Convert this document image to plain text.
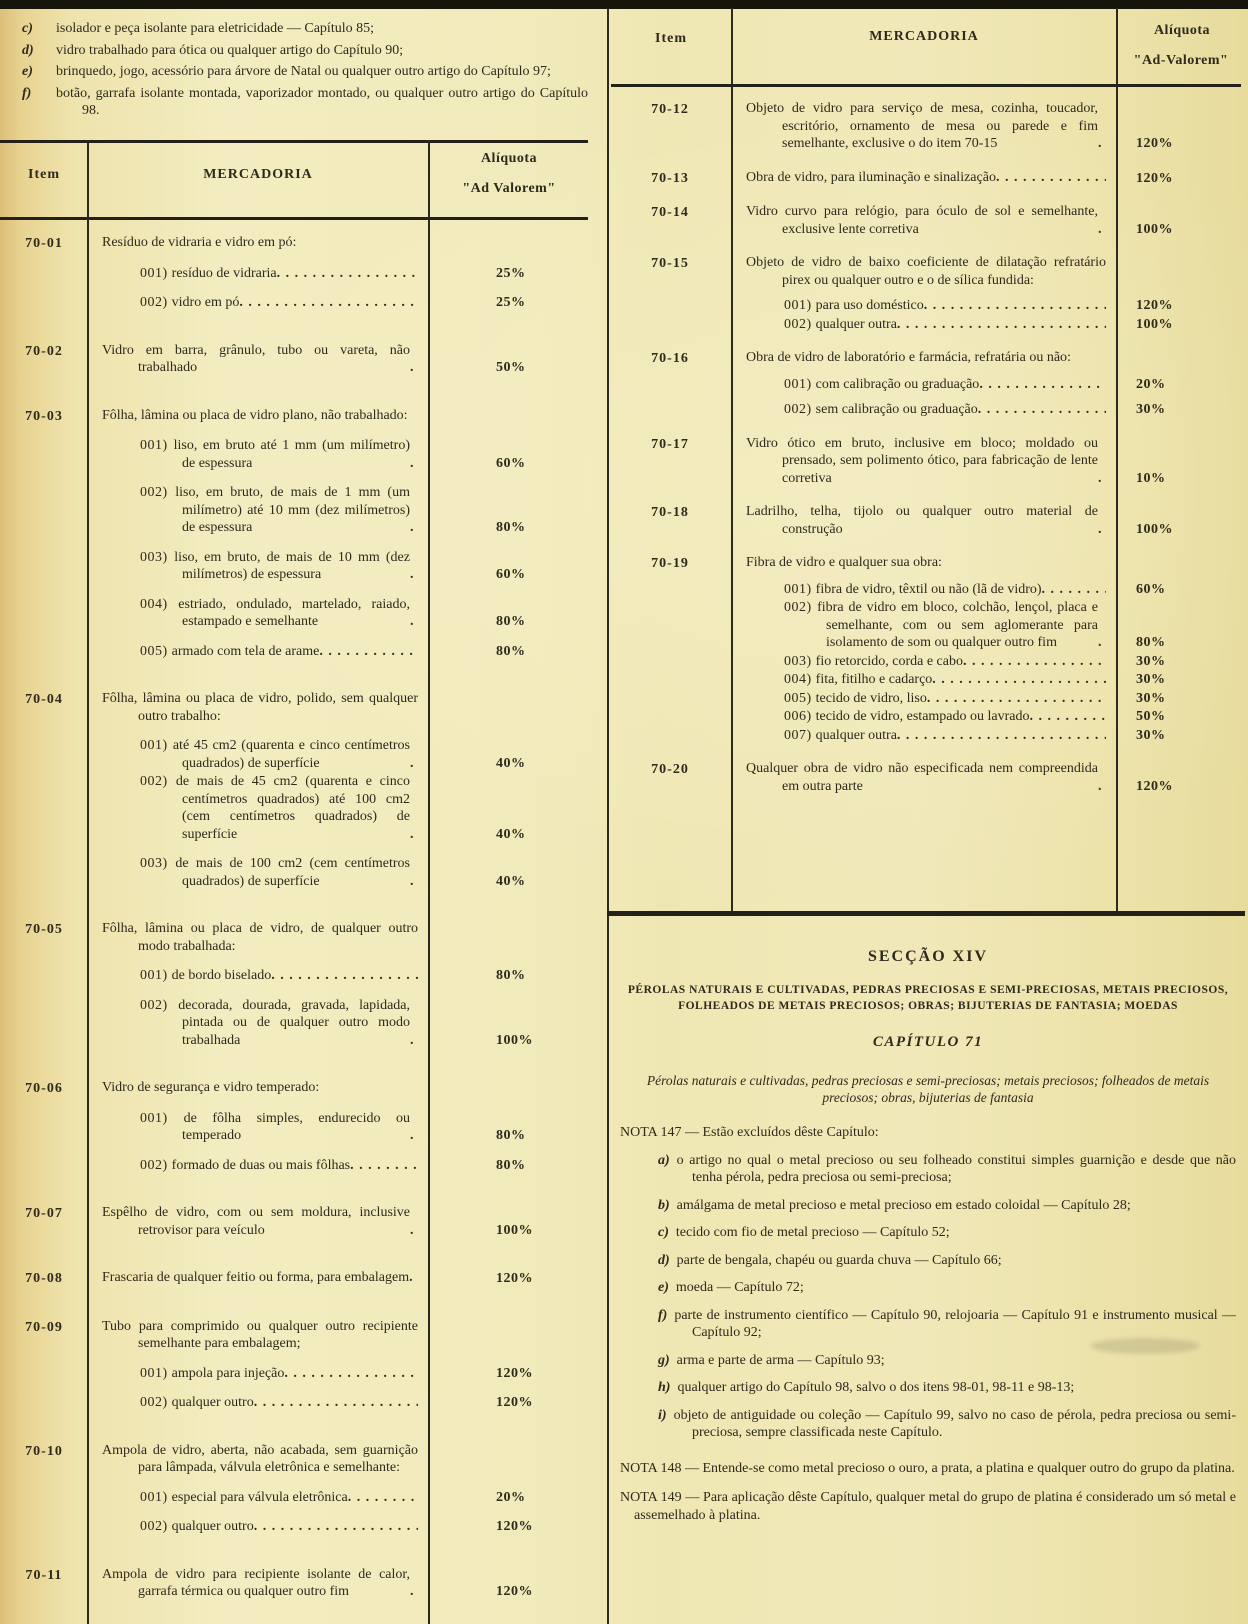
c)	isolador e peça isolante para eletricidade — Capítulo 85;
d)	vidro trabalhado para ótica ou qualquer artigo do Capítulo 90;
e)	brinquedo, jogo, acessório para árvore de Natal ou qualquer outro artigo do Capítulo 97;
f)	botão, garrafa isolante montada, vaporizador montado, ou qualquer outro artigo do Capítulo 98.
Item	MERCADORIA
Alíquota
"Ad Valorem"
70-01	Resíduo de vidraria e vidro em pó:
001) resíduo de vidraria . . .	25%
002) vidro em pó . . .	25%
70-02	Vidro em barra, grânulo, tubo ou vareta, não trabalhado . . .	50%
70-03	Fôlha, lâmina ou placa de vidro plano, não trabalhado:
001) liso, em bruto até 1 mm (um milímetro) de espessura . . .	60%
002) liso, em bruto, de mais de 1 mm (um milímetro) até 10 mm (dez milímetros) de espessura . . .	80%
003) liso, em bruto, de mais de 10 mm (dez milímetros) de espessura . . .	60%
004) estriado, ondulado, martelado, raiado, estampado e semelhante . . .	80%
005) armado com tela de arame . . .	80%
70-04	Fôlha, lâmina ou placa de vidro, polido, sem qualquer outro trabalho:
001) até 45 cm2 (quarenta e cinco centímetros quadrados) de superfície . . .	40%
002) de mais de 45 cm2 (quarenta e cinco centímetros quadrados) até 100 cm2 (cem centímetros quadrados) de superfície . . .	40%
003) de mais de 100 cm2 (cem centímetros quadrados) de superfície . . .	40%
70-05	Fôlha, lâmina ou placa de vidro, de qualquer outro modo trabalhada:
001) de bordo biselado . . .	80%
002) decorada, dourada, gravada, lapidada, pintada ou de qualquer outro modo trabalhada . . .	100%
70-06	Vidro de segurança e vidro temperado:
001) de fôlha simples, endurecido ou temperado . . .	80%
002) formado de duas ou mais fôlhas . . .	80%
70-07	Espêlho de vidro, com ou sem moldura, inclusive retrovisor para veículo . . .	100%
70-08	Frascaria de qualquer feitio ou forma, para embalagem . . .	120%
70-09	Tubo para comprimido ou qualquer outro recipiente semelhante para embalagem;
001) ampola para injeção . . .	120%
002) qualquer outro . . .	120%
70-10	Ampola de vidro, aberta, não acabada, sem guarnição para lâmpada, válvula eletrônica e semelhante:
001) especial para válvula eletrônica . . .	20%
002) qualquer outro . . .	120%
70-11	Ampola de vidro para recipiente isolante de calor, garrafa térmica ou qualquer outro fim . . .	120%
Item	MERCADORIA	Alíquota
"Ad-Valorem"
70-12	Objeto de vidro para serviço de mesa, cozinha, toucador, escritório, ornamento de mesa ou parede e fim semelhante, exclusive o do item 70-15 . . .	120%
70-13	Obra de vidro, para iluminação e sinalização . . .	120%
70-14	Vidro curvo para relógio, para óculo de sol e semelhante, exclusive lente corretiva . . .	100%
70-15	Objeto de vidro de baixo coeficiente de dilatação refratário pirex ou qualquer outro e o de sílica fundida:
001) para uso doméstico . . .	120%
002) qualquer outra . . .	100%
70-16	Obra de vidro de laboratório e farmácia, refratária ou não:
001) com calibração ou graduação . . .	20%
002) sem calibração ou graduação . . .	30%
70-17	Vidro ótico em bruto, inclusive em bloco; moldado ou prensado, sem polimento ótico, para fabricação de lente corretiva . . .	10%
70-18	Ladrilho, telha, tijolo ou qualquer outro material de construção . . .	100%
70-19	Fibra de vidro e qualquer sua obra:
001) fibra de vidro, têxtil ou não (lã de vidro) . . .	60%
002) fibra de vidro em bloco, colchão, lençol, placa e semelhante, com ou sem aglomerante para isolamento de som ou qualquer outro fim . . .	80%
003) fio retorcido, corda e cabo . . .	30%
004) fita, fitilho e cadarço . . .	30%
005) tecido de vidro, liso . . .	30%
006) tecido de vidro, estampado ou lavrado . . .	50%
007) qualquer outra . . .	30%
70-20	Qualquer obra de vidro não especificada nem compreendida em outra parte . . .	120%
SECÇÃO XIV
PÉROLAS NATURAIS E CULTIVADAS, PEDRAS PRECIOSAS E SEMI-PRECIOSAS, METAIS PRECIOSOS, FOLHEADOS DE METAIS PRECIOSOS; OBRAS; BIJUTERIAS DE FANTASIA; MOEDAS
CAPÍTULO 71
Pérolas naturais e cultivadas, pedras preciosas e semi-preciosas; metais preciosos; folheados de metais preciosos; obras, bijuterias de fantasia
NOTA 147 — Estão excluídos dêste Capítulo:
a) o artigo no qual o metal precioso ou seu folheado constitui simples guarnição e desde que não tenha pérola, pedra preciosa ou semi-preciosa;
b) amálgama de metal precioso e metal precioso em estado coloidal — Capítulo 28;
c) tecido com fio de metal precioso — Capítulo 52;
d) parte de bengala, chapéu ou guarda chuva — Capítulo 66;
e) moeda — Capítulo 72;
f) parte de instrumento científico — Capítulo 90, relojoaria — Capítulo 91 e instrumento musical — Capítulo 92;
g) arma e parte de arma — Capítulo 93;
h) qualquer artigo do Capítulo 98, salvo o dos itens 98-01, 98-11 e 98-13;
i) objeto de antiguidade ou coleção — Capítulo 99, salvo no caso de pérola, pedra preciosa ou semi-preciosa, sempre classificada neste Capítulo.
NOTA 148 — Entende-se como metal precioso o ouro, a prata, a platina e qualquer outro do grupo da platina.
NOTA 149 — Para aplicação dêste Capítulo, qualquer metal do grupo de platina é considerado um só metal e assemelhado à platina.
